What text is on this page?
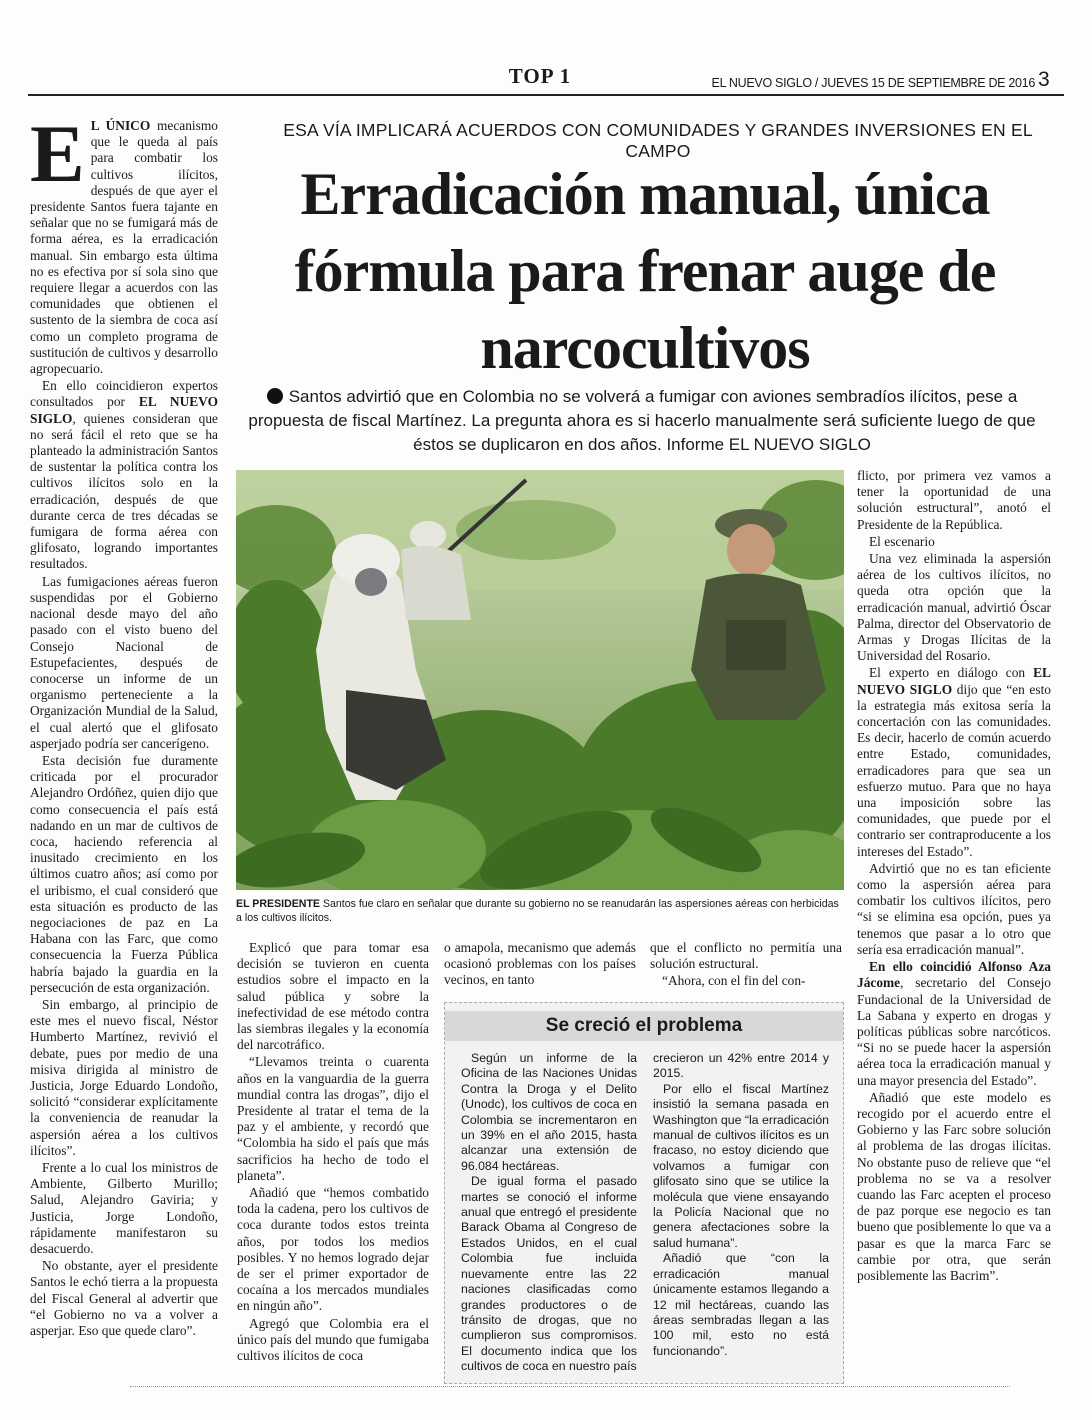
TOP 1	EL NUEVO SIGLO / JUEVES 15 DE SEPTIEMBRE DE 2016 3
ESA VÍA IMPLICARÁ ACUERDOS CON COMUNIDADES Y GRANDES INVERSIONES EN EL CAMPO
Erradicación manual, única fórmula para frenar auge de narcocultivos
Santos advirtió que en Colombia no se volverá a fumigar con aviones sembradíos ilícitos, pese a propuesta de fiscal Martínez. La pregunta ahora es si hacerlo manualmente será suficiente luego de que éstos se duplicaron en dos años. Informe EL NUEVO SIGLO
EL PRESIDENTE Santos fue claro en señalar que durante su gobierno no se reanudarán las aspersiones aéreas con herbicidas a los cultivos ilícitos.
E L ÚNICO mecanismo que le queda al país para combatir los cultivos ilícitos, después de que ayer el presidente Santos fuera tajante en señalar que no se fumigará más de forma aérea, es la erradicación manual. Sin embargo esta última no es efectiva por sí sola sino que requiere llegar a acuerdos con las comunidades que obtienen el sustento de la siembra de coca así como un completo programa de sustitución de cultivos y desarrollo agropecuario.

En ello coincidieron expertos consultados por EL NUEVO SIGLO, quienes consideran que no será fácil el reto que se ha planteado la administración Santos de sustentar la política contra los cultivos ilícitos solo en la erradicación, después de que durante cerca de tres décadas se fumigara de forma aérea con glifosato, logrando importantes resultados.

Las fumigaciones aéreas fueron suspendidas por el Gobierno nacional desde mayo del año pasado con el visto bueno del Consejo Nacional de Estupefacientes, después de conocerse un informe de un organismo perteneciente a la Organización Mundial de la Salud, el cual alertó que el glifosato asperjado podría ser cancerígeno.

Esta decisión fue duramente criticada por el procurador Alejandro Ordóñez, quien dijo que como consecuencia el país está nadando en un mar de cultivos de coca, haciendo referencia al inusitado crecimiento en los últimos cuatro años; así como por el uribismo, el cual consideró que esta situación es producto de las negociaciones de paz en La Habana con las Farc, que como consecuencia la Fuerza Pública habría bajado la guardia en la persecución de esta organización.

Sin embargo, al principio de este mes el nuevo fiscal, Néstor Humberto Martínez, revivió el debate, pues por medio de una misiva dirigida al ministro de Justicia, Jorge Eduardo Londoño, solicitó “considerar explícitamente la conveniencia de reanudar la aspersión aérea a los cultivos ilícitos”.

Frente a lo cual los ministros de Ambiente, Gilberto Murillo; Salud, Alejandro Gaviria; y Justicia, Jorge Londoño, rápidamente manifestaron su desacuerdo.

No obstante, ayer el presidente Santos le echó tierra a la propuesta del Fiscal General al advertir que “el Gobierno no va a volver a asperjar. Eso que quede claro”.

flicto, por primera vez vamos a tener la oportunidad de una solución estructural”, anotó el Presidente de la República.

El escenario

Una vez eliminada la aspersión aérea de los cultivos ilícitos, no queda otra opción que la erradicación manual, advirtió Óscar Palma, director del Observatorio de Armas y Drogas Ilícitas de la Universidad del Rosario.

El experto en diálogo con EL NUEVO SIGLO dijo que “en esto la estrategia más exitosa sería la concertación con las comunidades. Es decir, hacerlo de común acuerdo entre Estado, comunidades, erradicadores para que sea un esfuerzo mutuo. Para que no haya una imposición sobre las comunidades, que puede por el contrario ser contraproducente a los intereses del Estado”.

Advirtió que no es tan eficiente como la aspersión aérea para combatir los cultivos ilícitos, pero “si se elimina esa opción, pues ya tenemos que pasar a lo otro que sería esa erradicación manual”.

En ello coincidió Alfonso Aza Jácome, secretario del Consejo Fundacional de la Universidad de La Sabana y experto en drogas y políticas públicas sobre narcóticos. “Si no se puede hacer la aspersión aérea toca la erradicación manual y una mayor presencia del Estado”.

Añadió que este modelo es recogido por el acuerdo entre el Gobierno y las Farc sobre solución al problema de las drogas ilícitas. No obstante puso de relieve que “el problema no se va a resolver cuando las Farc acepten el proceso de paz porque ese negocio es tan bueno que posiblemente lo que va a pasar es que la marca Farc se cambie por otra, que serán posiblemente las Bacrim”.

Explicó que para tomar esa decisión se tuvieron en cuenta estudios sobre el impacto en la salud pública y sobre la inefectividad de ese método contra las siembras ilegales y la economía del narcotráfico.

“Llevamos treinta o cuarenta años en la vanguardia de la guerra mundial contra las drogas”, dijo el Presidente al tratar el tema de la paz y el ambiente, y recordó que “Colombia ha sido el país que más sacrificios ha hecho de todo el planeta”.

Añadió que “hemos combatido toda la cadena, pero los cultivos de coca durante todos estos treinta años, por todos los medios posibles. Y no hemos logrado dejar de ser el primer exportador de cocaína a los mercados mundiales en ningún año”.

Agregó que Colombia era el único país del mundo que fumigaba cultivos ilícitos de coca

o amapola, mecanismo que además ocasionó problemas con los países vecinos, en tanto

que el conflicto no permitía una solución estructural.

“Ahora, con el fin del con-

Se creció el problema

Según un informe de la Oficina de las Naciones Unidas Contra la Droga y el Delito (Unodc), los cultivos de coca en Colombia se incrementaron en un 39% en el año 2015, hasta alcanzar una extensión de 96.084 hectáreas.

De igual forma el pasado martes se conoció el informe anual que entregó el presidente Barack Obama al Congreso de Estados Unidos, en el cual Colombia fue incluida nuevamente entre las 22 naciones clasificadas como grandes productores o de tránsito de drogas, que no cumplieron sus compromisos. El documento indica que los cultivos de coca en nuestro país

crecieron un 42% entre 2014 y 2015.

Por ello el fiscal Martínez insistió la semana pasada en Washington que “la erradicación manual de cultivos ilícitos es un fracaso, no estoy diciendo que volvamos a fumigar con glifosato sino que se utilice la molécula que viene ensayando la Policía Nacional que no genera afectaciones sobre la salud humana”.

Añadió que “con la erradicación manual únicamente estamos llegando a 12 mil hectáreas, cuando las áreas sembradas llegan a las 100 mil, esto no está funcionando”.
